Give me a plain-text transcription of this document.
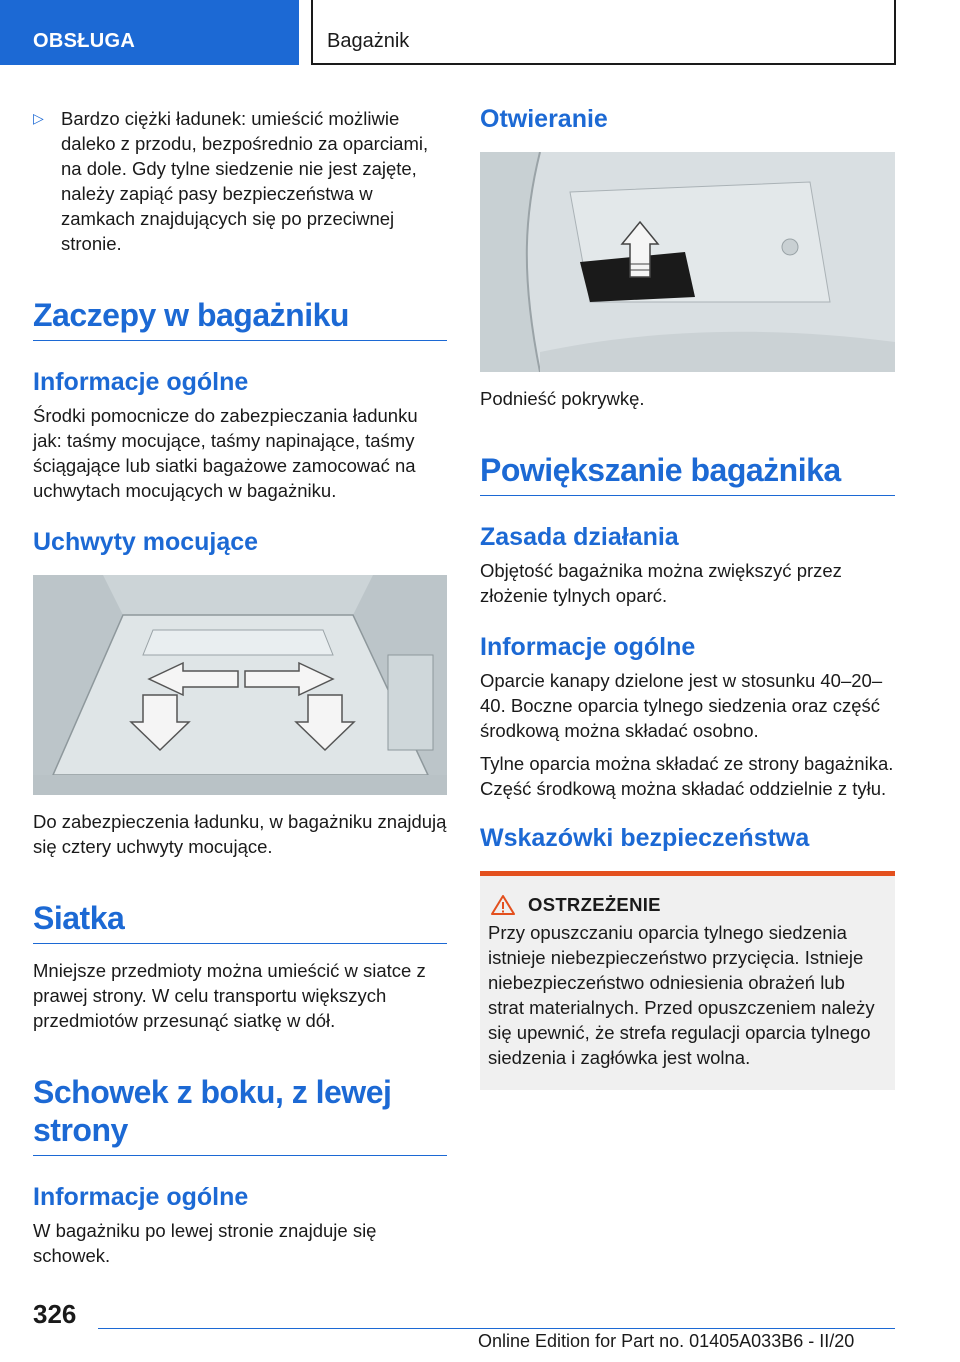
OBSŁUGA	Bagażnik
▷ Bardzo ciężki ładunek: umieścić możliwie daleko z przodu, bezpośrednio za oparciami, na dole. Gdy tylne siedzenie nie jest zajęte, należy zapiąć pasy bezpieczeństwa w zamkach znajdujących się po przeciwnej stronie.

Zaczepy w bagażniku
Informacje ogólne

Środki pomocnicze do zabezpieczania ładunku jak: taśmy mocujące, taśmy napinające, taśmy ściągające lub siatki bagażowe zamocować na uchwytach mocujących w bagażniku.

Uchwyty mocujące

Do zabezpieczenia ładunku, w bagażniku znajdują się cztery uchwyty mocujące.

Siatka

Mniejsze przedmioty można umieścić w siatce z prawej strony. W celu transportu większych przedmiotów przesunąć siatkę w dół.

Schowek z boku, z lewej strony
Informacje ogólne

W bagażniku po lewej stronie znajduje się schowek.

Otwieranie

Podnieść pokrywkę.

Powiększanie bagażnika
Zasada działania

Objętość bagażnika można zwiększyć przez złożenie tylnych oparć.

Informacje ogólne

Oparcie kanapy dzielone jest w stosunku 40–20–40. Boczne oparcia tylnego siedzenia oraz część środkową można składać osobno.

Tylne oparcia można składać ze strony bagażnika. Część środkową można składać oddzielnie z tyłu.

Wskazówki bezpieczeństwa
OSTRZEŻENIE

Przy opuszczaniu oparcia tylnego siedzenia istnieje niebezpieczeństwo przycięcia. Istnieje niebezpieczeństwo odniesienia obrażeń lub strat materialnych. Przed opuszczeniem należy się upewnić, że strefa regulacji oparcia tylnego siedzenia i zagłówka jest wolna.

326
Online Edition for Part no. 01405A033B6 - II/20
